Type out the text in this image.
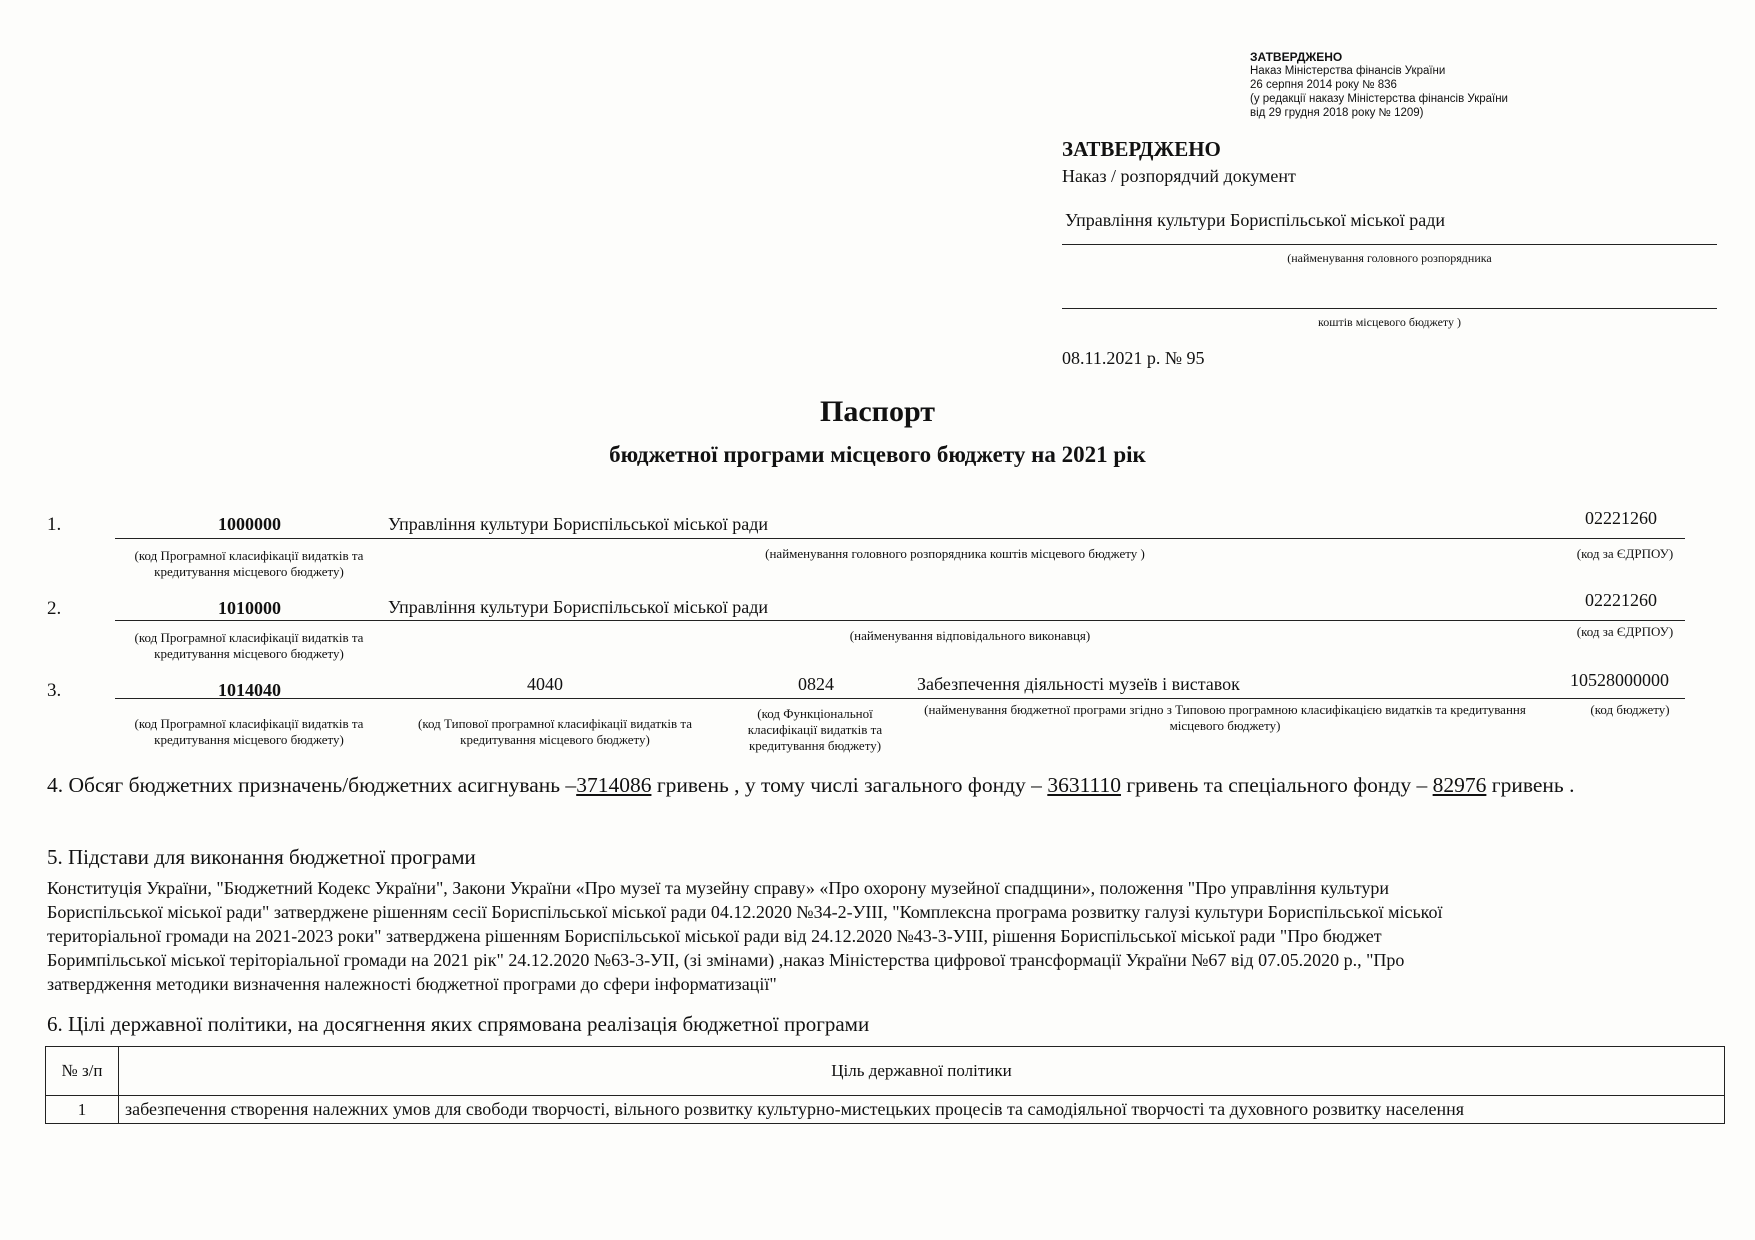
ЗАТВЕРДЖЕНО
Наказ Міністерства фінансів України
26 серпня 2014 року № 836
(у редакції наказу Міністерства фінансів України
від 29 грудня 2018 року № 1209)
ЗАТВЕРДЖЕНО
Наказ / розпорядчий документ
Управління культури Бориспільської міської ради
(найменування головного розпорядника
коштів місцевого бюджету )
08.11.2021 р. № 95
Паспорт
бюджетної програми місцевого бюджету на 2021 рік
1.	1000000	Управління культури Бориспільської міської ради	02221260
(код Програмної класифікації видатків та кредитування місцевого бюджету)
(найменування головного розпорядника коштів місцевого бюджету )	(код за ЄДРПОУ)
2.	1010000	Управління культури Бориспільської міської ради	02221260
(код Програмної класифікації видатків та кредитування місцевого бюджету)
(найменування відповідального виконавця)	(код за ЄДРПОУ)
3.	1014040	4040	0824	Забезпечення діяльності музеїв і виставок	10528000000
(код Програмної класифікації видатків та кредитування місцевого бюджету)
(код Типової програмної класифікації видатків та кредитування місцевого бюджету)
(код Функціональної класифікації видатків та кредитування бюджету)
(найменування бюджетної програми згідно з Типовою програмною класифікацією видатків та кредитування місцевого бюджету)
(код бюджету)
4. Обсяг бюджетних призначень/бюджетних асигнувань –3714086 гривень , у тому числі загального фонду – 3631110 гривень та спеціального фонду – 82976 гривень .
5. Підстави для виконання бюджетної програми
Конституція України, "Бюджетний Кодекс України", Закони України «Про музеї та музейну справу» «Про охорону музейної спадщини», положення "Про управління культури
Бориспільської міської ради" затверджене рішенням сесії Бориспільської міської ради 04.12.2020 №34-2-УІІІ, "Комплексна програма розвитку галузі культури Бориспільської міської
територіальної громади на 2021-2023 роки" затверджена рішенням Бориспільської міської ради від 24.12.2020 №43-3-УІІІ, рішення Бориспільської міської ради "Про бюджет
Боримпільської міської теріторіальної громади на 2021 рік" 24.12.2020 №63-3-УІІ, (зі змінами) ,наказ Міністерства цифрової трансформації України №67 від 07.05.2020 р., "Про
затвердження методики визначення належності бюджетної програми до сфери інформатизації"
6. Цілі державної політики, на досягнення яких спрямована реалізація бюджетної програми
№ з/п	Ціль державної політики
1	забезпечення створення належних умов для свободи творчості, вільного розвитку культурно-мистецьких процесів та самодіяльної творчості та духовного розвитку населення
